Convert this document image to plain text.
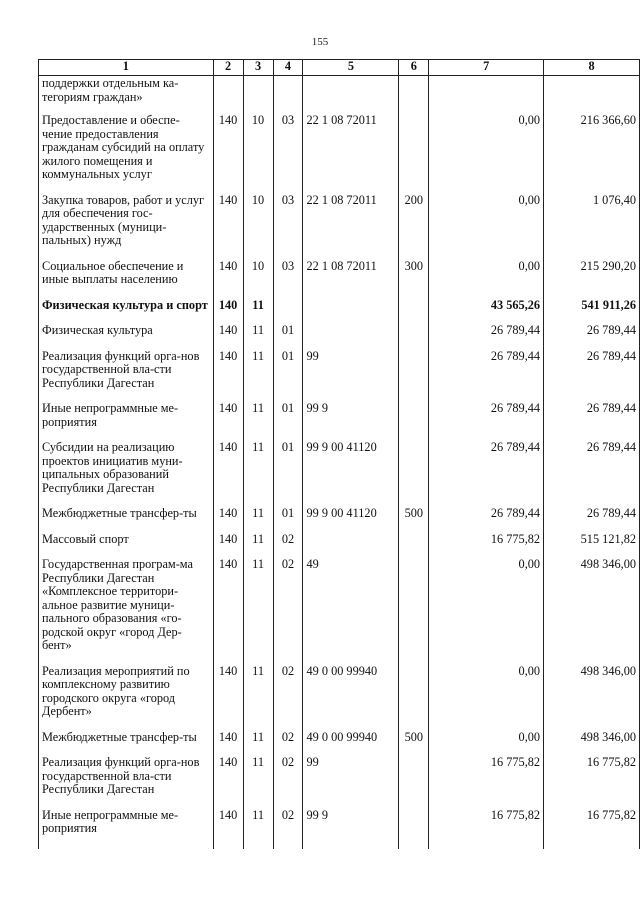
155
1	2	3	4	5	6	7	8
поддержки отдельным ка-тегориям граждан»							
Предоставление и обеспе-чение предоставления гражданам субсидий на оплату жилого помещения и коммунальных услуг	140	10	03	22 1 08 72011		0,00	216 366,60
Закупка товаров, работ и услуг для обеспечения гос-ударственных (муници-пальных) нужд	140	10	03	22 1 08 72011	200	0,00	1 076,40
Социальное обеспечение и иные выплаты населению	140	10	03	22 1 08 72011	300	0,00	215 290,20
Физическая культура и спорт	140	11				43 565,26	541 911,26
Физическая культура	140	11	01			26 789,44	26 789,44
Реализация функций орга-нов государственной вла-сти Республики Дагестан	140	11	01	99		26 789,44	26 789,44
Иные непрограммные ме-роприятия	140	11	01	99 9		26 789,44	26 789,44
Субсидии на реализацию проектов инициатив муни-ципальных образований Республики Дагестан	140	11	01	99 9 00 41120		26 789,44	26 789,44
Межбюджетные трансфер-ты	140	11	01	99 9 00 41120	500	26 789,44	26 789,44
Массовый спорт	140	11	02			16 775,82	515 121,82
Государственная програм-ма Республики Дагестан «Комплексное территори-альное развитие муници-пального образования «го-родской округ «город Дер-бент»	140	11	02	49		0,00	498 346,00
Реализация мероприятий по комплексному развитию городского округа «город Дербент»	140	11	02	49 0 00 99940		0,00	498 346,00
Межбюджетные трансфер-ты	140	11	02	49 0 00 99940	500	0,00	498 346,00
Реализация функций орга-нов государственной вла-сти Республики Дагестан	140	11	02	99		16 775,82	16 775,82
Иные непрограммные ме-роприятия	140	11	02	99 9		16 775,82	16 775,82
